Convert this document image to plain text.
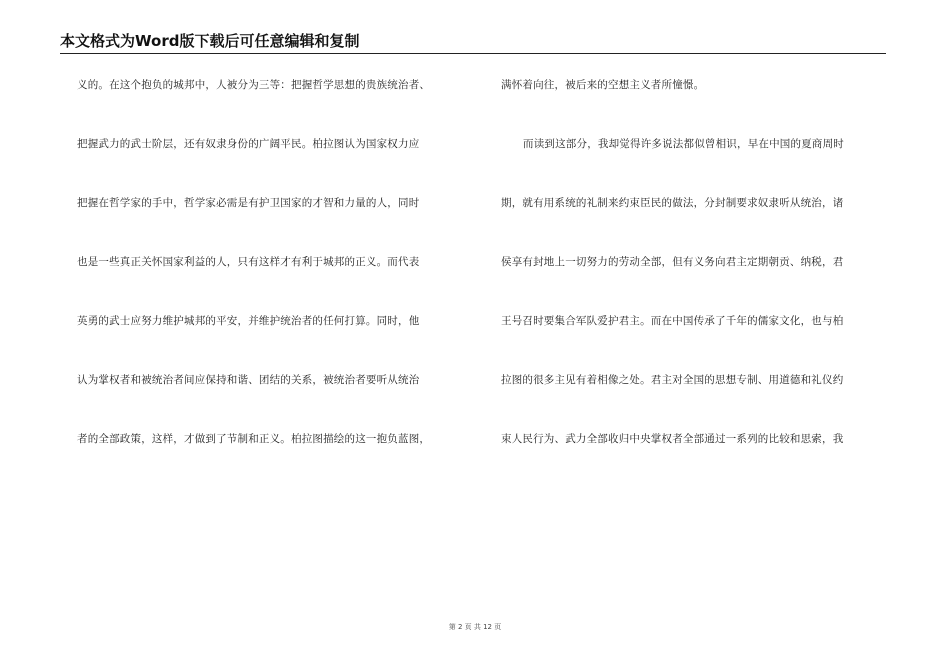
本文格式为Word版下载后可任意编辑和复制
义的。在这个抱负的城邦中，人被分为三等：把握哲学思想的贵族统治者、
把握武力的武士阶层，还有奴隶身份的广阔平民。柏拉图认为国家权力应
把握在哲学家的手中，哲学家必需是有护卫国家的才智和力量的人，同时
也是一些真正关怀国家利益的人，只有这样才有利于城邦的正义。而代表
英勇的武士应努力维护城邦的平安，并维护统治者的任何打算。同时，他
认为掌权者和被统治者间应保持和谐、团结的关系，被统治者要听从统治
者的全部政策，这样，才做到了节制和正义。柏拉图描绘的这一抱负蓝图，
满怀着向往，被后来的空想主义者所憧憬。
而读到这部分，我却觉得许多说法都似曾相识，早在中国的夏商周时
期，就有用系统的礼制来约束臣民的做法，分封制要求奴隶听从统治，诸
侯享有封地上一切努力的劳动全部，但有义务向君主定期朝贡、纳税，君
王号召时要集合军队爱护君主。而在中国传承了千年的儒家文化，也与柏
拉图的很多主见有着相像之处。君主对全国的思想专制、用道德和礼仪约
束人民行为、武力全部收归中央掌权者全部通过一系列的比较和思索，我
第 2 页 共 12 页
